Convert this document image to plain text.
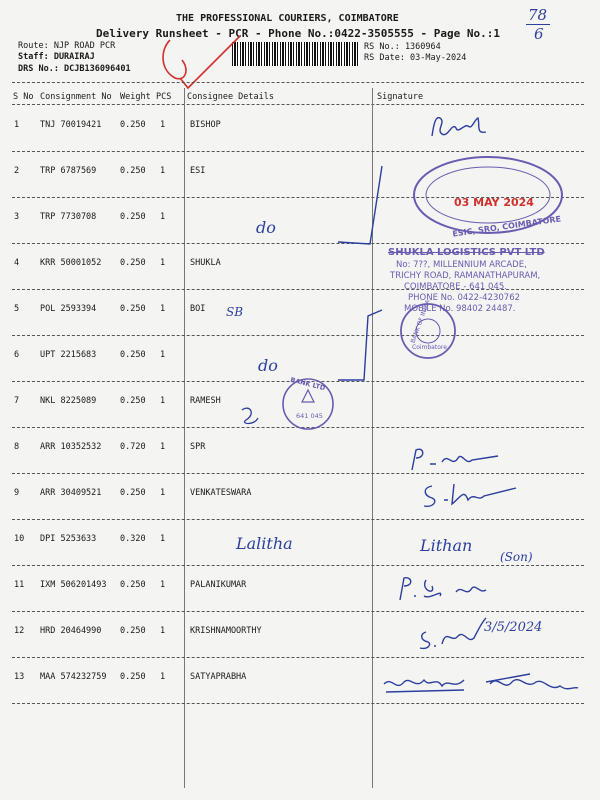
78
6
THE PROFESSIONAL COURIERS, COIMBATORE
Delivery Runsheet - PCR - Phone No.:0422-3505555 - Page No.:1
Route: NJP ROAD PCR
Staff: DURAIRAJ
DRS No.: DCJB136096401
RS No.: 1360964
RS Date: 03-May-2024
S No Consignment No Weight PCS Consignee Details	Signature
1 TNJ 70019421 0.250 1	BISHOP
2 TRP 6787569	0.250 1	ESI
3 TRP 7730708	0.250 1
4 KRR 50001052 0.250 1	SHUKLA
5 POL 2593394	0.250 1	BOI
6 UPT 2215683	0.250 1
7 NKL 8225089	0.250 1	RAMESH
8 ARR 10352532 0.720 1	SPR
9 ARR 30409521 0.250 1	VENKATESWARA
10 DPI 5253633	0.320 1
11 IXM 506201493 0.250 1	PALANIKUMAR
12 HRD 20464990 0.250 1	KRISHNAMOORTHY
13 MAA 574232759 0.250 1	SATYAPRABHA
do
SB
do
Lalitha	Lithan
(Son)
3/5/2024
03 MAY 2024
ESIC, SRO, COIMBATORE
SHUKLA LOGISTICS PVT LTD
No: 7??, MILLENNIUM ARCADE,
TRICHY ROAD, RAMANATHAPURAM,
COIMBATORE - 641 045.
PHONE No. 0422-4230762
MOBILE No. 98402 24487.
BANK OF INDIA
Coimbatore
BANK LTD
641 045
